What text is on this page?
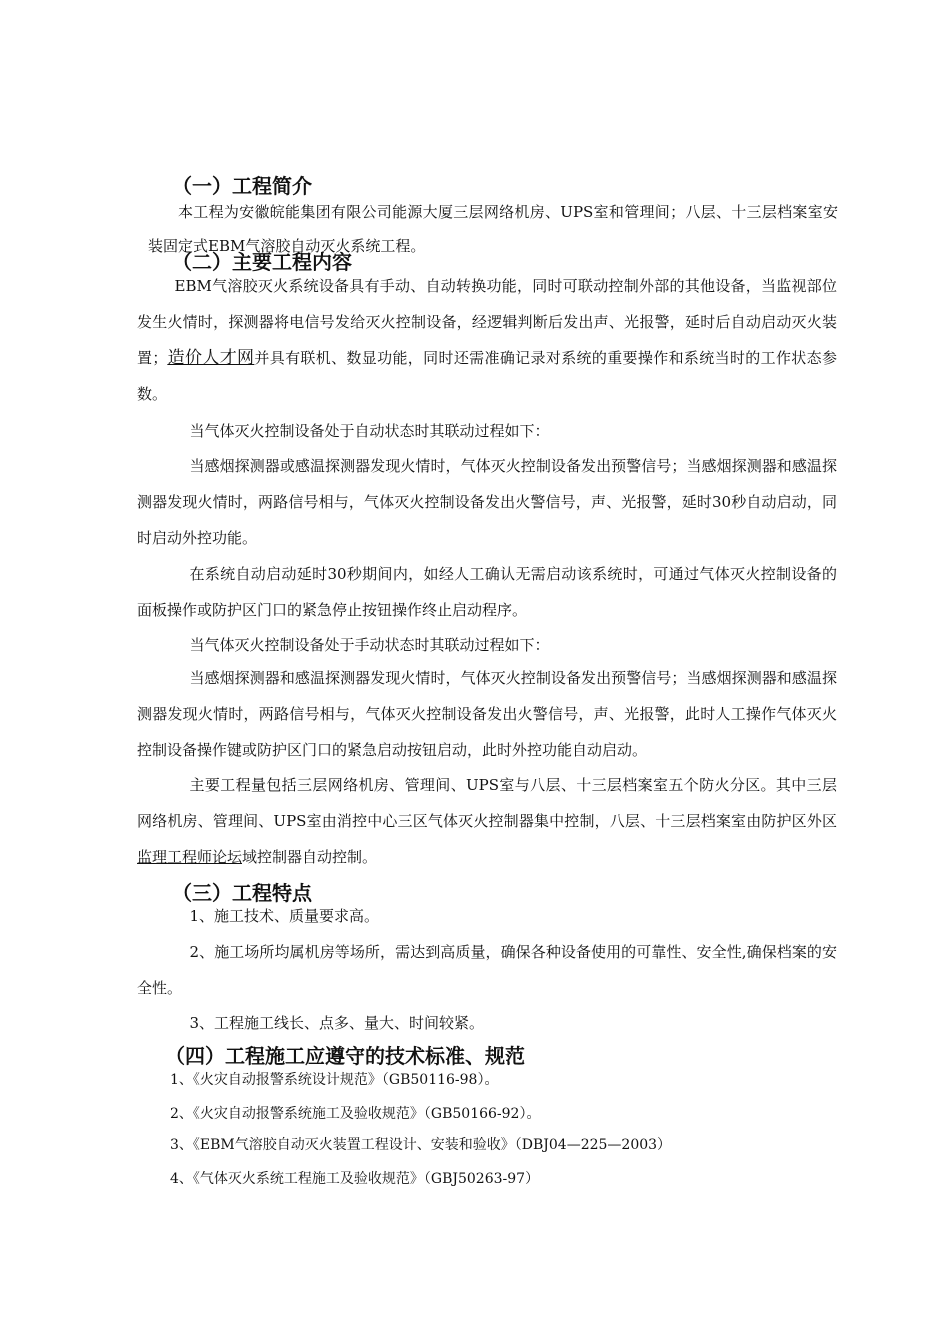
（一）工程简介

本工程为安徽皖能集团有限公司能源大厦三层网络机房、UPS室和管理间；八层、十三层档案室安装固定式EBM气溶胶自动灭火系统工程。

（二）主要工程内容

EBM气溶胶灭火系统设备具有手动、自动转换功能，同时可联动控制外部的其他设备，当监视部位发生火情时，探测器将电信号发给灭火控制设备，经逻辑判断后发出声、光报警，延时后自动启动灭火装置；造价人才网并具有联机、数显功能，同时还需准确记录对系统的重要操作和系统当时的工作状态参数。

当气体灭火控制设备处于自动状态时其联动过程如下：

当感烟探测器或感温探测器发现火情时，气体灭火控制设备发出预警信号；当感烟探测器和感温探测器发现火情时，两路信号相与，气体灭火控制设备发出火警信号，声、光报警，延时30秒自动启动，同时启动外控功能。

在系统自动启动延时30秒期间内，如经人工确认无需启动该系统时，可通过气体灭火控制设备的面板操作或防护区门口的紧急停止按钮操作终止启动程序。

当气体灭火控制设备处于手动状态时其联动过程如下：

当感烟探测器和感温探测器发现火情时，气体灭火控制设备发出预警信号；当感烟探测器和感温探测器发现火情时，两路信号相与，气体灭火控制设备发出火警信号，声、光报警，此时人工操作气体灭火控制设备操作键或防护区门口的紧急启动按钮启动，此时外控功能自动启动。

主要工程量包括三层网络机房、管理间、UPS室与八层、十三层档案室五个防火分区。其中三层网络机房、管理间、UPS室由消控中心三区气体灭火控制器集中控制，八层、十三层档案室由防护区外区监理工程师论坛域控制器自动控制。

（三）工程特点

1、施工技术、质量要求高。

2、施工场所均属机房等场所，需达到高质量，确保各种设备使用的可靠性、安全性,确保档案的安全性。

3、工程施工线长、点多、量大、时间较紧。

（四）工程施工应遵守的技术标准、规范

1、《火灾自动报警系统设计规范》（GB50116-98）。

2、《火灾自动报警系统施工及验收规范》（GB50166-92）。

3、《EBM气溶胶自动灭火装置工程设计、安装和验收》（DBJ04—225—2003）

4、《气体灭火系统工程施工及验收规范》（GBJ50263-97）
